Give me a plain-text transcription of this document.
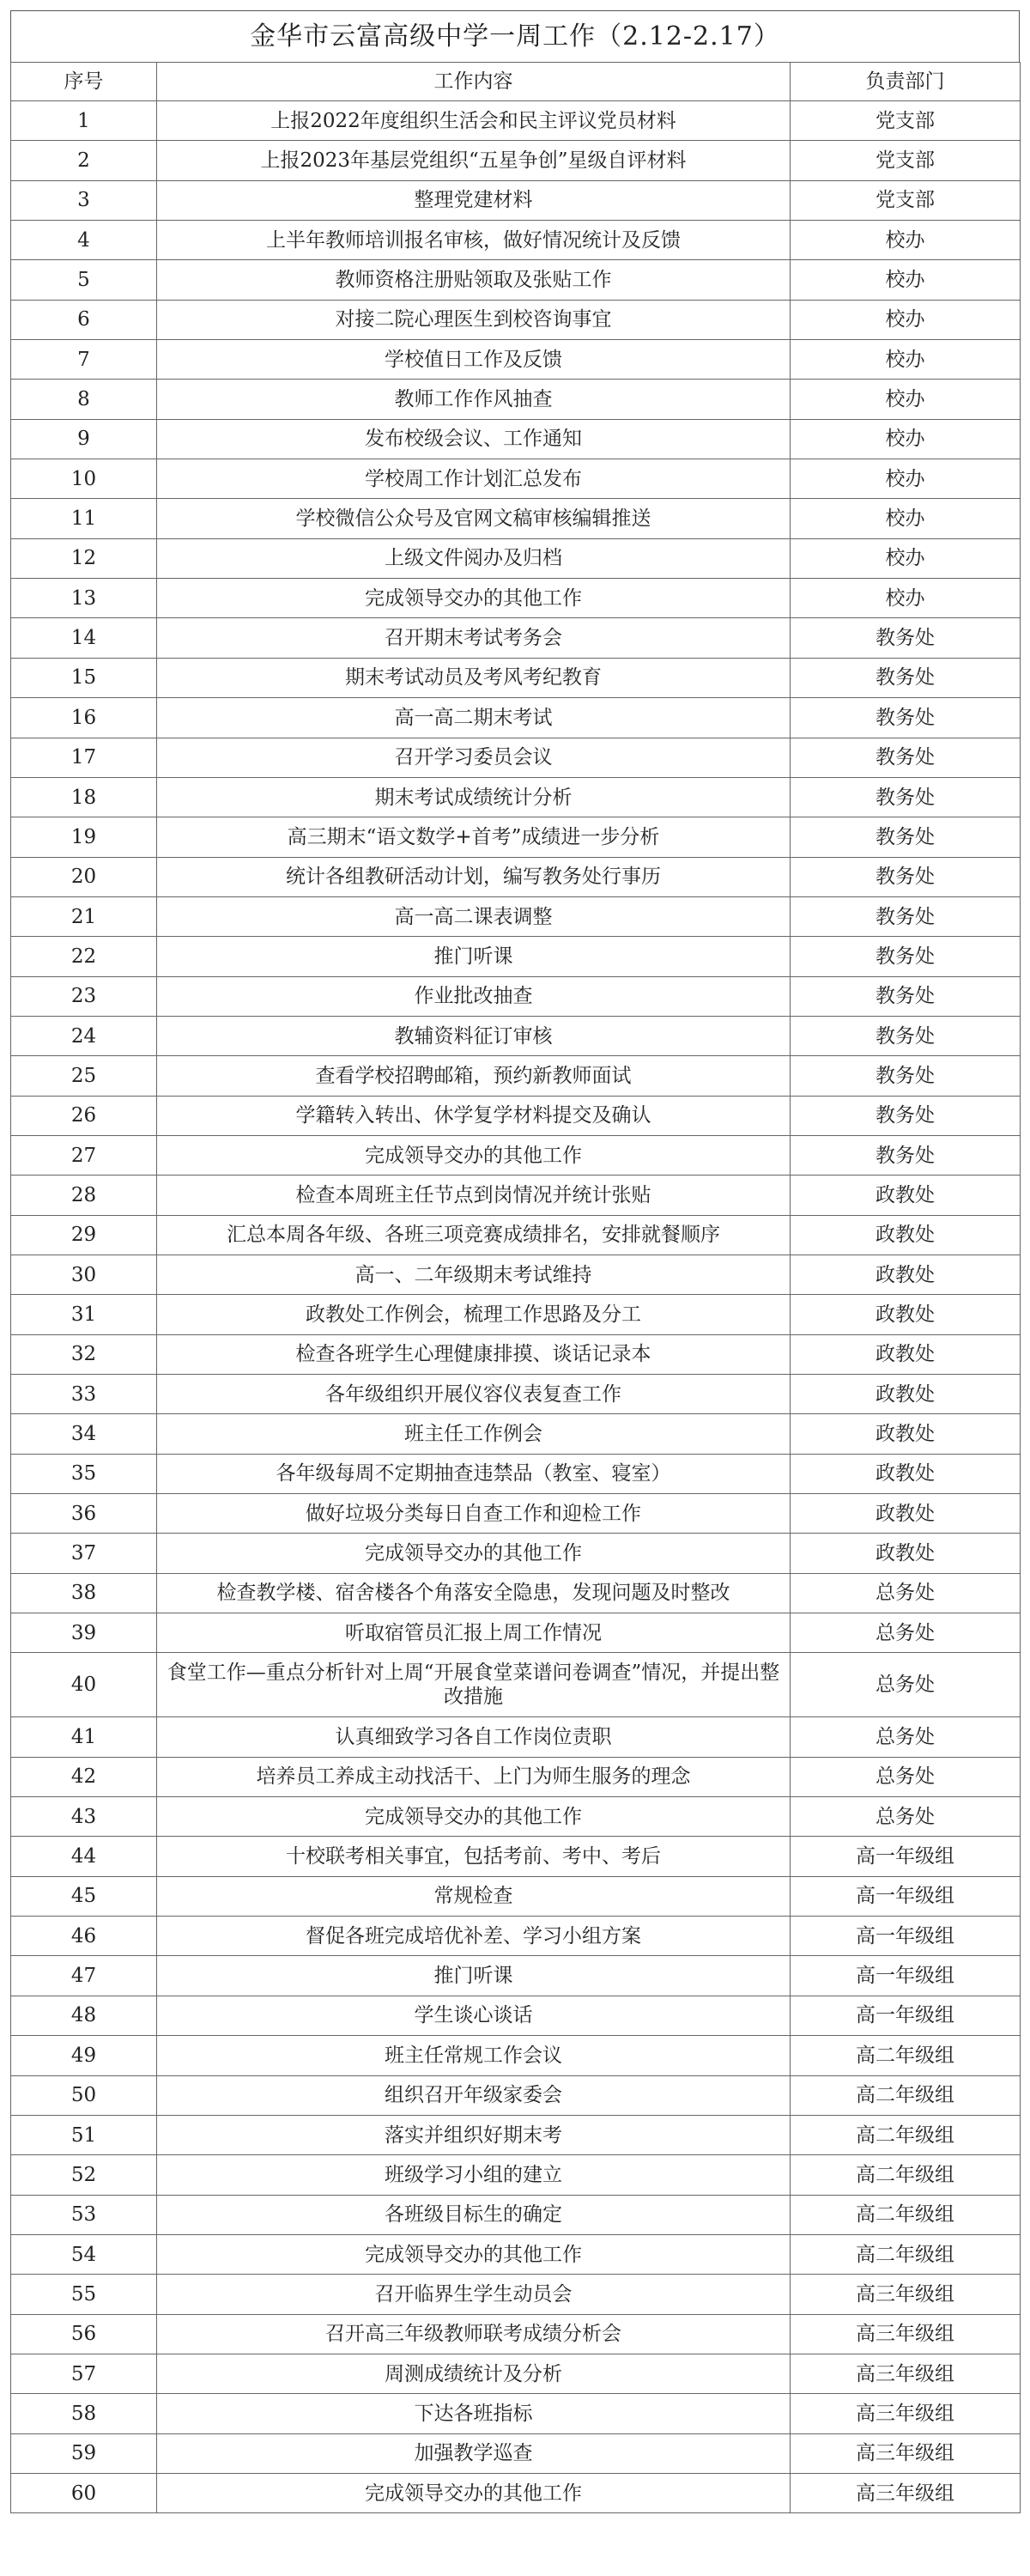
金华市云富高级中学一周工作（2.12-2.17）
序号	工作内容	负责部门
1	上报2022年度组织生活会和民主评议党员材料	党支部
2	上报2023年基层党组织“五星争创”星级自评材料	党支部
3	整理党建材料	党支部
4	上半年教师培训报名审核，做好情况统计及反馈	校办
5	教师资格注册贴领取及张贴工作	校办
6	对接二院心理医生到校咨询事宜	校办
7	学校值日工作及反馈	校办
8	教师工作作风抽查	校办
9	发布校级会议、工作通知	校办
10	学校周工作计划汇总发布	校办
11	学校微信公众号及官网文稿审核编辑推送	校办
12	上级文件阅办及归档	校办
13	完成领导交办的其他工作	校办
14	召开期末考试考务会	教务处
15	期末考试动员及考风考纪教育	教务处
16	高一高二期末考试	教务处
17	召开学习委员会议	教务处
18	期末考试成绩统计分析	教务处
19	高三期末“语文数学+首考”成绩进一步分析	教务处
20	统计各组教研活动计划，编写教务处行事历	教务处
21	高一高二课表调整	教务处
22	推门听课	教务处
23	作业批改抽查	教务处
24	教辅资料征订审核	教务处
25	查看学校招聘邮箱，预约新教师面试	教务处
26	学籍转入转出、休学复学材料提交及确认	教务处
27	完成领导交办的其他工作	教务处
28	检查本周班主任节点到岗情况并统计张贴	政教处
29	汇总本周各年级、各班三项竞赛成绩排名，安排就餐顺序	政教处
30	高一、二年级期末考试维持	政教处
31	政教处工作例会，梳理工作思路及分工	政教处
32	检查各班学生心理健康排摸、谈话记录本	政教处
33	各年级组织开展仪容仪表复查工作	政教处
34	班主任工作例会	政教处
35	各年级每周不定期抽查违禁品（教室、寝室）	政教处
36	做好垃圾分类每日自查工作和迎检工作	政教处
37	完成领导交办的其他工作	政教处
38	检查教学楼、宿舍楼各个角落安全隐患，发现问题及时整改	总务处
39	听取宿管员汇报上周工作情况	总务处
40	食堂工作—重点分析针对上周“开展食堂菜谱问卷调查”情况，并提出整改措施	总务处
41	认真细致学习各自工作岗位责职	总务处
42	培养员工养成主动找活干、上门为师生服务的理念	总务处
43	完成领导交办的其他工作	总务处
44	十校联考相关事宜，包括考前、考中、考后	高一年级组
45	常规检查	高一年级组
46	督促各班完成培优补差、学习小组方案	高一年级组
47	推门听课	高一年级组
48	学生谈心谈话	高一年级组
49	班主任常规工作会议	高二年级组
50	组织召开年级家委会	高二年级组
51	落实并组织好期末考	高二年级组
52	班级学习小组的建立	高二年级组
53	各班级目标生的确定	高二年级组
54	完成领导交办的其他工作	高二年级组
55	召开临界生学生动员会	高三年级组
56	召开高三年级教师联考成绩分析会	高三年级组
57	周测成绩统计及分析	高三年级组
58	下达各班指标	高三年级组
59	加强教学巡查	高三年级组
60	完成领导交办的其他工作	高三年级组
